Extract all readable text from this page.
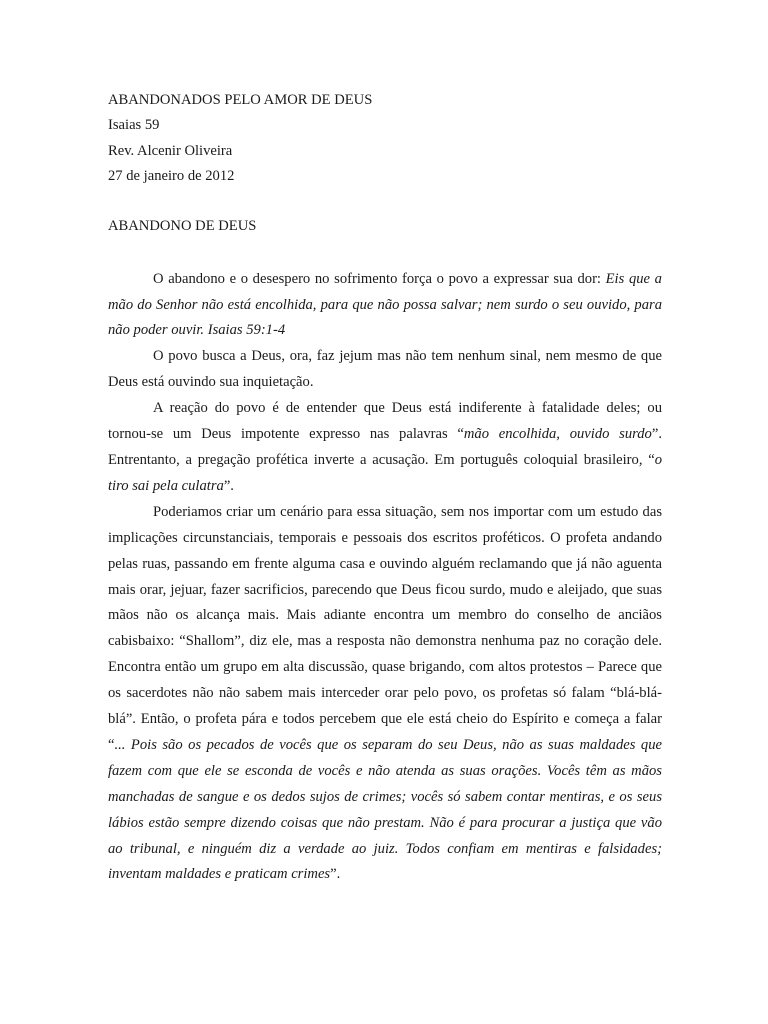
ABANDONADOS PELO AMOR DE DEUS

Isaias 59

Rev. Alcenir Oliveira

27 de janeiro de 2012

ABANDONO DE DEUS

O abandono e o desespero no sofrimento força o povo a expressar sua dor: Eis que a mão do Senhor não está encolhida, para que não possa salvar; nem surdo o seu ouvido, para não poder ouvir. Isaias 59:1-4

O povo busca a Deus, ora, faz jejum mas não tem nenhum sinal, nem mesmo de que Deus está ouvindo sua inquietação.

A reação do povo é de entender que Deus está indiferente à fatalidade deles; ou tornou-se um Deus impotente expresso nas palavras “mão encolhida, ouvido surdo”. Entrentanto, a pregação profética inverte a acusação. Em português coloquial brasileiro, “o tiro sai pela culatra”.

Poderiamos criar um cenário para essa situação, sem nos importar com um estudo das implicações circunstanciais, temporais e pessoais dos escritos proféticos. O profeta andando pelas ruas, passando em frente alguma casa e ouvindo alguém reclamando que já não aguenta mais orar, jejuar, fazer sacrificios, parecendo que Deus ficou surdo, mudo e aleijado, que suas mãos não os alcança mais. Mais adiante encontra um membro do conselho de anciãos cabisbaixo: “Shallom”, diz ele, mas a resposta não demonstra nenhuma paz no coração dele. Encontra então um grupo em alta discussão, quase brigando, com altos protestos – Parece que os sacerdotes não não sabem mais interceder orar pelo povo, os profetas só falam “blá-blá-blá”. Então, o profeta pára e todos percebem que ele está cheio do Espírito e começa a falar “... Pois são os pecados de vocês que os separam do seu Deus, não as suas maldades que fazem com que ele se esconda de vocês e não atenda as suas orações. Vocês têm as mãos manchadas de sangue e os dedos sujos de crimes; vocês só sabem contar mentiras, e os seus lábios estão sempre dizendo coisas que não prestam. Não é para procurar a justiça que vão ao tribunal, e ninguém diz a verdade ao juiz. Todos confiam em mentiras e falsidades; inventam maldades e praticam crimes”.
